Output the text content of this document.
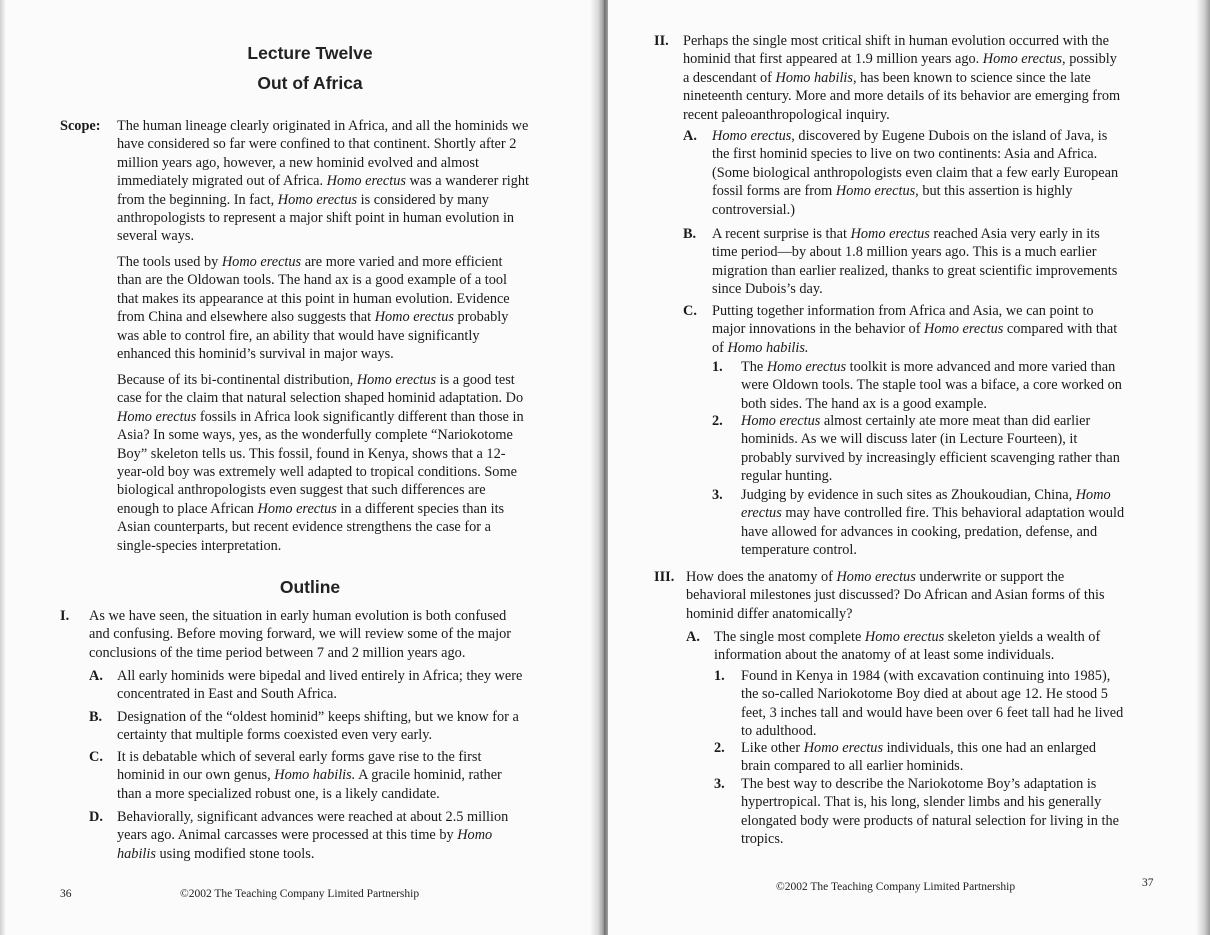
Lecture Twelve
Out of Africa
Scope: The human lineage clearly originated in Africa, and all the hominids we
have considered so far were confined to that continent. Shortly after 2
million years ago, however, a new hominid evolved and almost
immediately migrated out of Africa. Homo erectus was a wanderer right
from the beginning. In fact, Homo erectus is considered by many
anthropologists to represent a major shift point in human evolution in
several ways.
The tools used by Homo erectus are more varied and more efficient
than are the Oldowan tools. The hand ax is a good example of a tool
that makes its appearance at this point in human evolution. Evidence
from China and elsewhere also suggests that Homo erectus probably
was able to control fire, an ability that would have significantly
enhanced this hominid’s survival in major ways.
Because of its bi-continental distribution, Homo erectus is a good test
case for the claim that natural selection shaped hominid adaptation. Do
Homo erectus fossils in Africa look significantly different than those in
Asia? In some ways, yes, as the wonderfully complete “Nariokotome
Boy” skeleton tells us. This fossil, found in Kenya, shows that a 12-
year-old boy was extremely well adapted to tropical conditions. Some
biological anthropologists even suggest that such differences are
enough to place African Homo erectus in a different species than its
Asian counterparts, but recent evidence strengthens the case for a
single-species interpretation.
Outline
I. As we have seen, the situation in early human evolution is both confused
and confusing. Before moving forward, we will review some of the major
conclusions of the time period between 7 and 2 million years ago.
A. All early hominids were bipedal and lived entirely in Africa; they were
concentrated in East and South Africa.
B. Designation of the “oldest hominid” keeps shifting, but we know for a
certainty that multiple forms coexisted even very early.
C. It is debatable which of several early forms gave rise to the first
hominid in our own genus, Homo habilis. A gracile hominid, rather
than a more specialized robust one, is a likely candidate.
D. Behaviorally, significant advances were reached at about 2.5 million
years ago. Animal carcasses were processed at this time by Homo
habilis using modified stone tools.
36	©2002 The Teaching Company Limited Partnership
II. Perhaps the single most critical shift in human evolution occurred with the
hominid that first appeared at 1.9 million years ago. Homo erectus, possibly
a descendant of Homo habilis, has been known to science since the late
nineteenth century. More and more details of its behavior are emerging from
recent paleoanthropological inquiry.
A. Homo erectus, discovered by Eugene Dubois on the island of Java, is
the first hominid species to live on two continents: Asia and Africa.
(Some biological anthropologists even claim that a few early European
fossil forms are from Homo erectus, but this assertion is highly
controversial.)
B. A recent surprise is that Homo erectus reached Asia very early in its
time period—by about 1.8 million years ago. This is a much earlier
migration than earlier realized, thanks to great scientific improvements
since Dubois’s day.
C. Putting together information from Africa and Asia, we can point to
major innovations in the behavior of Homo erectus compared with that
of Homo habilis.
1. The Homo erectus toolkit is more advanced and more varied than
were Oldown tools. The staple tool was a biface, a core worked on
both sides. The hand ax is a good example.
2. Homo erectus almost certainly ate more meat than did earlier
hominids. As we will discuss later (in Lecture Fourteen), it
probably survived by increasingly efficient scavenging rather than
regular hunting.
3. Judging by evidence in such sites as Zhoukoudian, China, Homo
erectus may have controlled fire. This behavioral adaptation would
have allowed for advances in cooking, predation, defense, and
temperature control.
III. How does the anatomy of Homo erectus underwrite or support the
behavioral milestones just discussed? Do African and Asian forms of this
hominid differ anatomically?
A. The single most complete Homo erectus skeleton yields a wealth of
information about the anatomy of at least some individuals.
1. Found in Kenya in 1984 (with excavation continuing into 1985),
the so-called Nariokotome Boy died at about age 12. He stood 5
feet, 3 inches tall and would have been over 6 feet tall had he lived
to adulthood.
2. Like other Homo erectus individuals, this one had an enlarged
brain compared to all earlier hominids.
3. The best way to describe the Nariokotome Boy’s adaptation is
hypertropical. That is, his long, slender limbs and his generally
elongated body were products of natural selection for living in the
tropics.
©2002 The Teaching Company Limited Partnership	37
